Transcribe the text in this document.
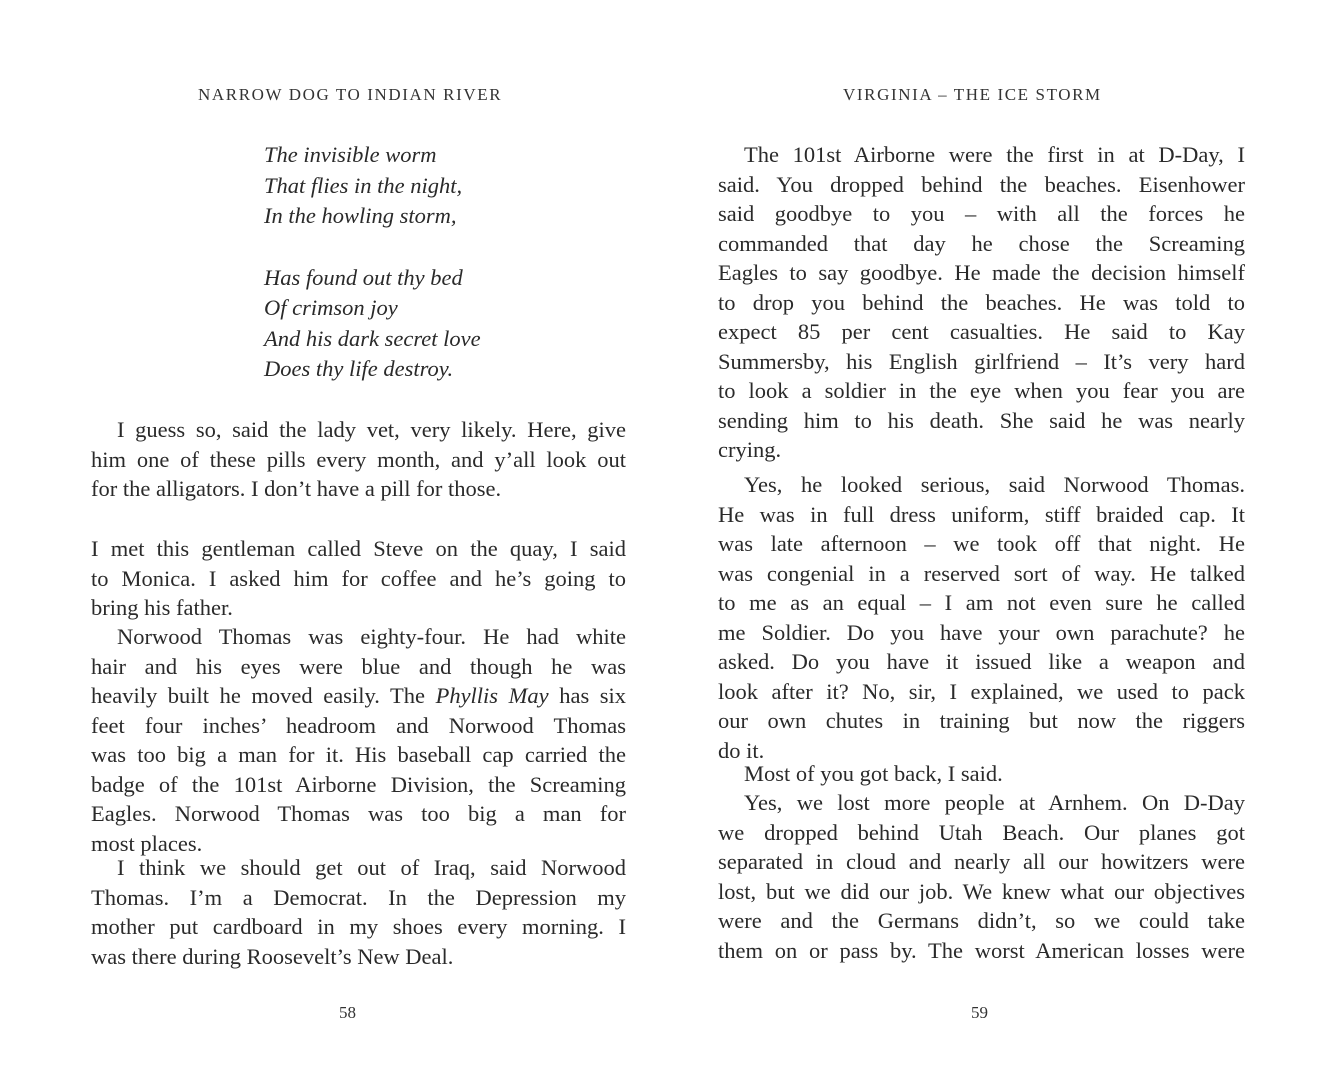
NARROW DOG TO INDIAN RIVER
The invisible worm
That flies in the night,
In the howling storm,
Has found out thy bed
Of crimson joy
And his dark secret love
Does thy life destroy.
I guess so, said the lady vet, very likely. Here, give
him one of these pills every month, and y’all look out
for the alligators. I don’t have a pill for those.
I met this gentleman called Steve on the quay, I said
to Monica. I asked him for coffee and he’s going to
bring his father.
Norwood Thomas was eighty-four. He had white
hair and his eyes were blue and though he was
heavily built he moved easily. The Phyllis May has six
feet four inches’ headroom and Norwood Thomas
was too big a man for it. His baseball cap carried the
badge of the 101st Airborne Division, the Screaming
Eagles. Norwood Thomas was too big a man for
most places.
I think we should get out of Iraq, said Norwood
Thomas. I’m a Democrat. In the Depression my
mother put cardboard in my shoes every morning. I
was there during Roosevelt’s New Deal.
58
VIRGINIA – THE ICE STORM
The 101st Airborne were the first in at D-Day, I
said. You dropped behind the beaches. Eisenhower
said goodbye to you – with all the forces he
commanded that day he chose the Screaming
Eagles to say goodbye. He made the decision himself
to drop you behind the beaches. He was told to
expect 85 per cent casualties. He said to Kay
Summersby, his English girlfriend – It’s very hard
to look a soldier in the eye when you fear you are
sending him to his death. She said he was nearly
crying.
Yes, he looked serious, said Norwood Thomas.
He was in full dress uniform, stiff braided cap. It
was late afternoon – we took off that night. He
was congenial in a reserved sort of way. He talked
to me as an equal – I am not even sure he called
me Soldier. Do you have your own parachute? he
asked. Do you have it issued like a weapon and
look after it? No, sir, I explained, we used to pack
our own chutes in training but now the riggers
do it.
Most of you got back, I said.
Yes, we lost more people at Arnhem. On D-Day
we dropped behind Utah Beach. Our planes got
separated in cloud and nearly all our howitzers were
lost, but we did our job. We knew what our objectives
were and the Germans didn’t, so we could take
them on or pass by. The worst American losses were
59
